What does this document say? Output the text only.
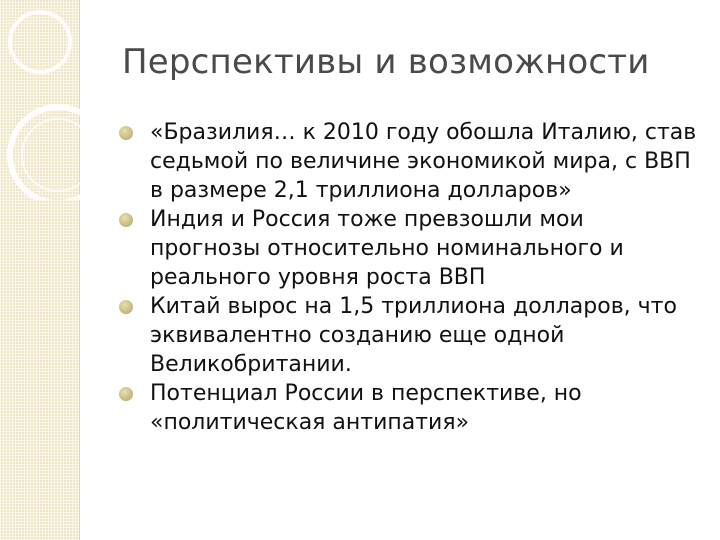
Перспективы и возможности
«Бразилия… к 2010 году обошла Италию, став седьмой по величине экономикой мира, с ВВП в размере 2,1 триллиона долларов»
Индия и Россия тоже превзошли мои прогнозы относительно номинального и реального уровня роста ВВП
Китай вырос на 1,5 триллиона долларов, что эквивалентно созданию еще одной Великобритании.
Потенциал России в перспективе, но «политическая антипатия»
